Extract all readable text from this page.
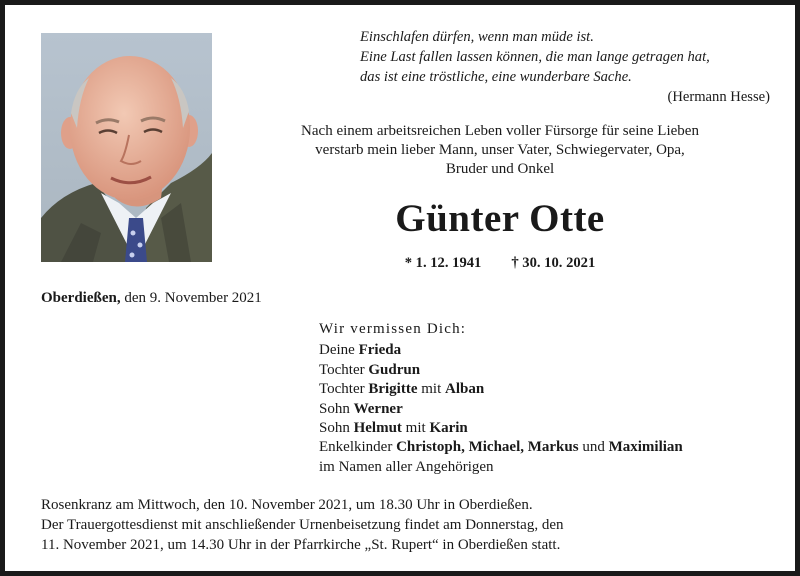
Einschlafen dürfen, wenn man müde ist.
Eine Last fallen lassen können, die man lange getragen hat,
das ist eine tröstliche, eine wunderbare Sache.
(Hermann Hesse)
Nach einem arbeitsreichen Leben voller Fürsorge für seine Lieben
verstarb mein lieber Mann, unser Vater, Schwiegervater, Opa,
Bruder und Onkel
Günter Otte
* 1. 12. 1941 † 30. 10. 2021
Oberdießen, den 9. November 2021
Wir vermissen Dich:
Deine Frieda
Tochter Gudrun
Tochter Brigitte mit Alban
Sohn Werner
Sohn Helmut mit Karin
Enkelkinder Christoph, Michael, Markus und Maximilian
im Namen aller Angehörigen
Rosenkranz am Mittwoch, den 10. November 2021, um 18.30 Uhr in Oberdießen.
Der Trauergottesdienst mit anschließender Urnenbeisetzung findet am Donnerstag, den
11. November 2021, um 14.30 Uhr in der Pfarrkirche „St. Rupert“ in Oberdießen statt.
